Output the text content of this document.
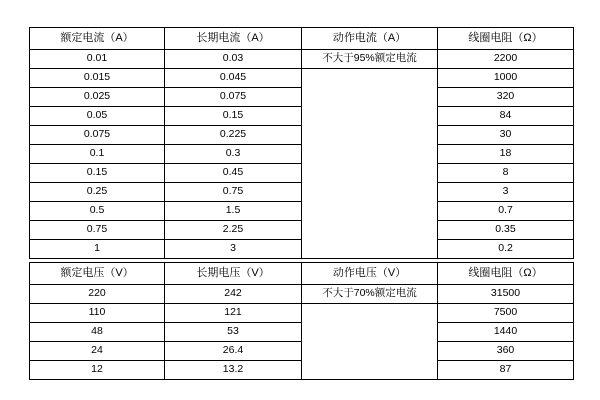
额定电流（A）	长期电流（A）	动作电流（A）	线圈电阻（Ω）
0.01	0.03	不大于95%额定电流	2200
0.015	0.045		1000
0.025	0.075		320
0.05	0.15		84
0.075	0.225		30
0.1	0.3		18
0.15	0.45		8
0.25	0.75		3
0.5	1.5		0.7
0.75	2.25		0.35
1	3		0.2
额定电压（V）	长期电压（V）	动作电压（V）	线圈电阻（Ω）
220	242	不大于70%额定电流	31500
110	121		7500
48	53		1440
24	26.4		360
12	13.2		87
